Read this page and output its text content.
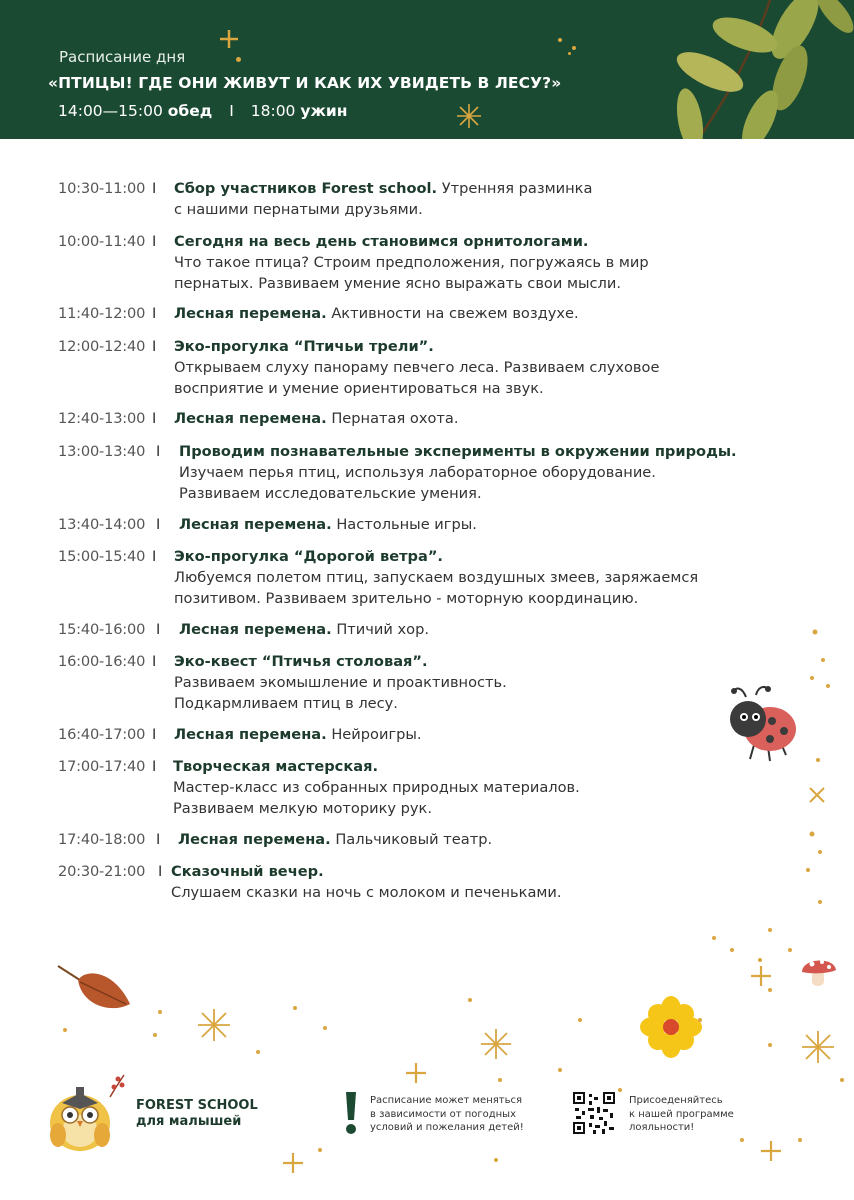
Расписание дня
«ПТИЦЫ! ГДЕ ОНИ ЖИВУТ И КАК ИХ УВИДЕТЬ В ЛЕСУ?»
14:00—15:00 обед I 18:00 ужин
10:30-11:00 I Сбор участников Forest school. Утренняя разминка
с нашими пернатыми друзьями.
10:00-11:40 I Сегодня на весь день становимся орнитологами.
Что такое птица? Строим предположения, погружаясь в мир
пернатых. Развиваем умение ясно выражать свои мысли.
11:40-12:00 I Лесная перемена. Активности на свежем воздухе.
12:00-12:40 I Эко-прогулка “Птичьи трели”.
Открываем слуху панораму певчего леса. Развиваем слуховое
восприятие и умение ориентироваться на звук.
12:40-13:00 I Лесная перемена. Пернатая охота.
13:00-13:40 I Проводим познавательные эксперименты в окружении природы.
Изучаем перья птиц, используя лабораторное оборудование.
Развиваем исследовательские умения.
13:40-14:00 I Лесная перемена. Настольные игры.
15:00-15:40 I Эко-прогулка “Дорогой ветра”.
Любуемся полетом птиц, запускаем воздушных змеев, заряжаемся
позитивом. Развиваем зрительно - моторную координацию.
15:40-16:00 I Лесная перемена. Птичий хор.
16:00-16:40 I Эко-квест “Птичья столовая”.
Развиваем экомышление и проактивность.
Подкармливаем птиц в лесу.
16:40-17:00 I Лесная перемена. Нейроигры.
17:00-17:40 I Творческая мастерская.
Мастер-класс из собранных природных материалов.
Развиваем мелкую моторику рук.
17:40-18:00 I Лесная перемена. Пальчиковый театр.
20:30-21:00 I Сказочный вечер.
Слушаем сказки на ночь с молоком и печеньками.
FOREST SCHOOL
для малышей
Расписание может меняться
в зависимости от погодных
условий и пожелания детей!
Присоеденяйтесь
к нашей программе
лояльности!
